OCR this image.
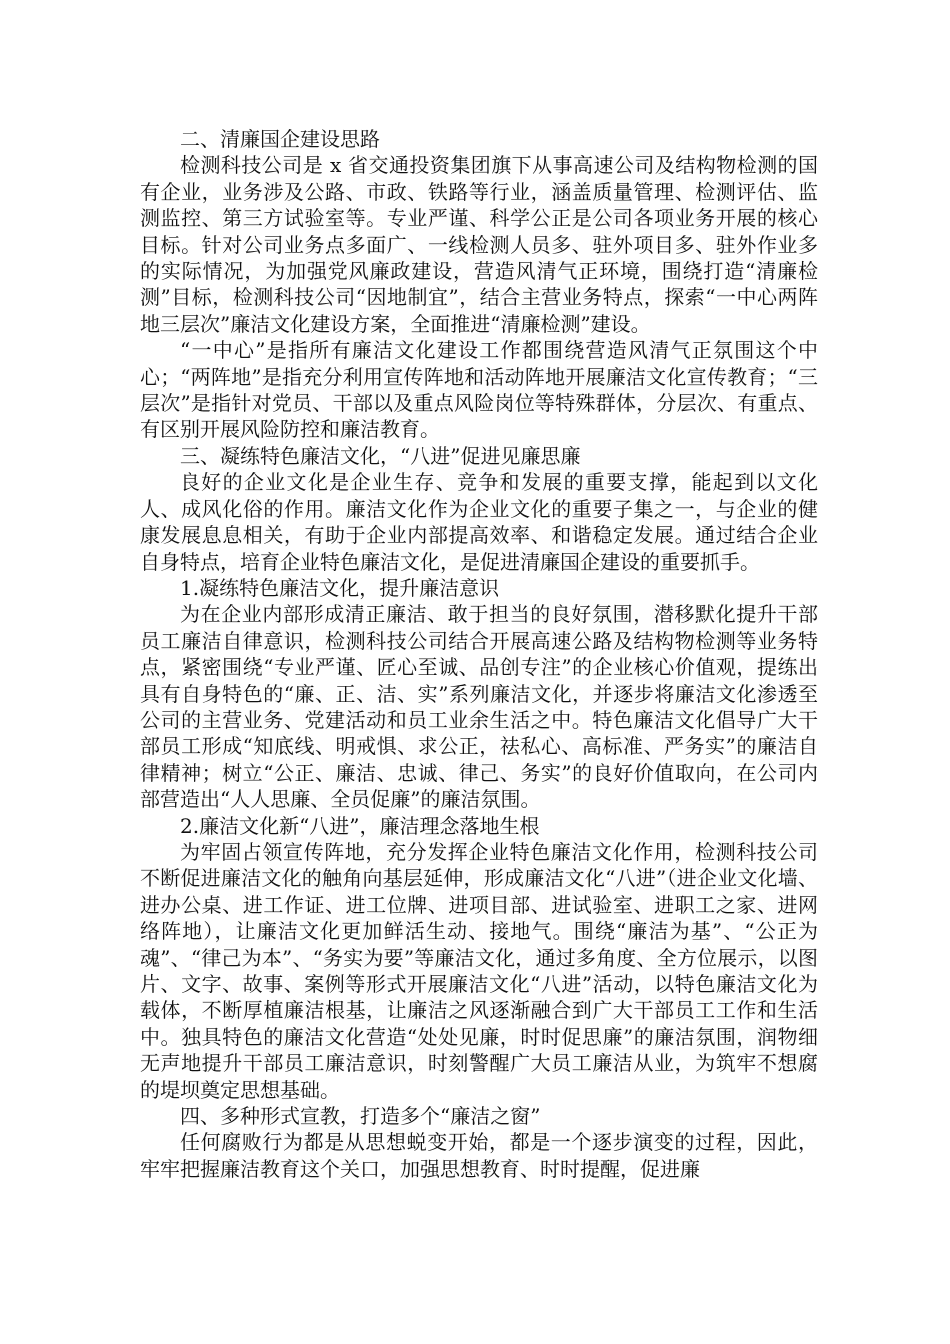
二、清廉国企建设思路

检测科技公司是 x 省交通投资集团旗下从事高速公司及结构物检测的国有企业，业务涉及公路、市政、铁路等行业，涵盖质量管理、检测评估、监测监控、第三方试验室等。专业严谨、科学公正是公司各项业务开展的核心目标。针对公司业务点多面广、一线检测人员多、驻外项目多、驻外作业多的实际情况，为加强党风廉政建设，营造风清气正环境，围绕打造“清廉检测”目标，检测科技公司“因地制宜”，结合主营业务特点，探索“一中心两阵地三层次”廉洁文化建设方案，全面推进“清廉检测”建设。

“一中心”是指所有廉洁文化建设工作都围绕营造风清气正氛围这个中心；“两阵地”是指充分利用宣传阵地和活动阵地开展廉洁文化宣传教育；“三层次”是指针对党员、干部以及重点风险岗位等特殊群体，分层次、有重点、有区别开展风险防控和廉洁教育。

三、凝练特色廉洁文化，“八进”促进见廉思廉

良好的企业文化是企业生存、竞争和发展的重要支撑，能起到以文化人、成风化俗的作用。廉洁文化作为企业文化的重要子集之一，与企业的健康发展息息相关，有助于企业内部提高效率、和谐稳定发展。通过结合企业自身特点，培育企业特色廉洁文化，是促进清廉国企建设的重要抓手。

1.凝练特色廉洁文化，提升廉洁意识

为在企业内部形成清正廉洁、敢于担当的良好氛围，潜移默化提升干部员工廉洁自律意识，检测科技公司结合开展高速公路及结构物检测等业务特点，紧密围绕“专业严谨、匠心至诚、品创专注”的企业核心价值观，提练出具有自身特色的“廉、正、洁、实”系列廉洁文化，并逐步将廉洁文化渗透至公司的主营业务、党建活动和员工业余生活之中。特色廉洁文化倡导广大干部员工形成“知底线、明戒惧、求公正，祛私心、高标准、严务实”的廉洁自律精神；树立“公正、廉洁、忠诚、律己、务实”的良好价值取向，在公司内部营造出“人人思廉、全员促廉”的廉洁氛围。

2.廉洁文化新“八进”，廉洁理念落地生根

为牢固占领宣传阵地，充分发挥企业特色廉洁文化作用，检测科技公司不断促进廉洁文化的触角向基层延伸，形成廉洁文化“八进”（进企业文化墙、进办公桌、进工作证、进工位牌、进项目部、进试验室、进职工之家、进网络阵地），让廉洁文化更加鲜活生动、接地气。围绕“廉洁为基”、“公正为魂”、“律己为本”、“务实为要”等廉洁文化，通过多角度、全方位展示，以图片、文字、故事、案例等形式开展廉洁文化“八进”活动，以特色廉洁文化为载体，不断厚植廉洁根基，让廉洁之风逐渐融合到广大干部员工工作和生活中。独具特色的廉洁文化营造“处处见廉，时时促思廉”的廉洁氛围，润物细无声地提升干部员工廉洁意识，时刻警醒广大员工廉洁从业，为筑牢不想腐的堤坝奠定思想基础。

四、多种形式宣教，打造多个“廉洁之窗”

任何腐败行为都是从思想蜕变开始，都是一个逐步演变的过程，因此，牢牢把握廉洁教育这个关口，加强思想教育、时时提醒，促进廉
